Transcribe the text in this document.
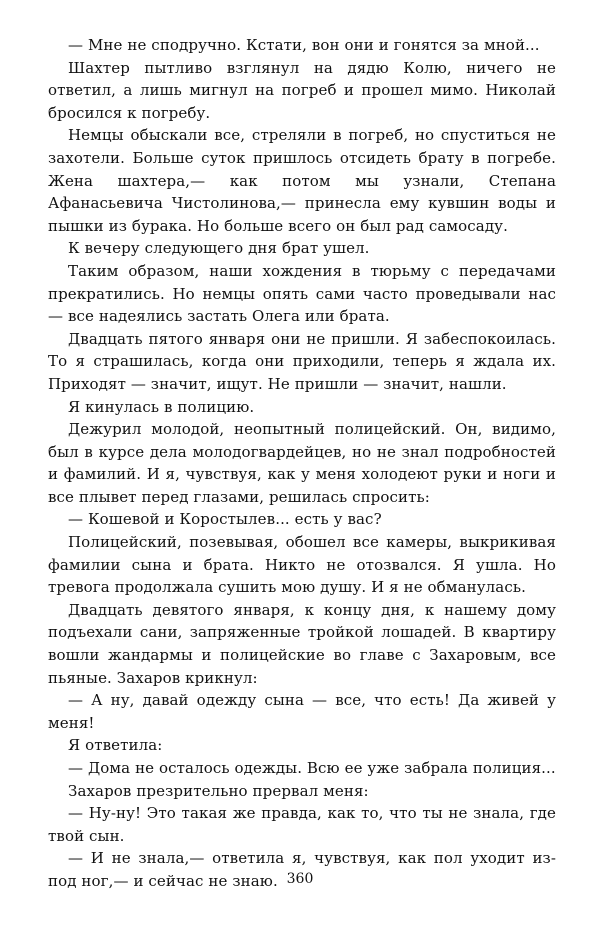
— Мне не сподручно. Кстати, вон они и гонятся за мной...

Шахтер пытливо взглянул на дядю Колю, ничего не ответил, а лишь мигнул на погреб и прошел мимо. Николай бросился к погребу.

Немцы обыскали все, стреляли в погреб, но спуститься не захотели. Больше суток пришлось отсидеть брату в погребе. Жена шахтера,— как потом мы узнали, Степана Афанасьевича Чистолинова,— принесла ему кувшин воды и пышки из бурака. Но больше всего он был рад самосаду.

К вечеру следующего дня брат ушел.

Таким образом, наши хождения в тюрьму с передачами прекратились. Но немцы опять сами часто проведывали нас — все надеялись застать Олега или брата.

Двадцать пятого января они не пришли. Я забеспокоилась. То я страшилась, когда они приходили, теперь я ждала их. Приходят — значит, ищут. Не пришли — значит, нашли.

Я кинулась в полицию.

Дежурил молодой, неопытный полицейский. Он, видимо, был в курсе дела молодогвардейцев, но не знал подробностей и фамилий. И я, чувствуя, как у меня холодеют руки и ноги и все плывет перед глазами, решилась спросить:

— Кошевой и Коростылев... есть у вас?

Полицейский, позевывая, обошел все камеры, выкрикивая фамилии сына и брата. Никто не отозвался. Я ушла. Но тревога продолжала сушить мою душу. И я не обманулась.

Двадцать девятого января, к концу дня, к нашему дому подъехали сани, запряженные тройкой лошадей. В квартиру вошли жандармы и полицейские во главе с Захаровым, все пьяные. Захаров крикнул:

— А ну, давай одежду сына — все, что есть! Да живей у меня!

Я ответила:

— Дома не осталось одежды. Всю ее уже забрала полиция...

Захаров презрительно прервал меня:

— Ну-ну! Это такая же правда, как то, что ты не знала, где твой сын.

— И не знала,— ответила я, чувствуя, как пол уходит из-под ног,— и сейчас не знаю. 360
